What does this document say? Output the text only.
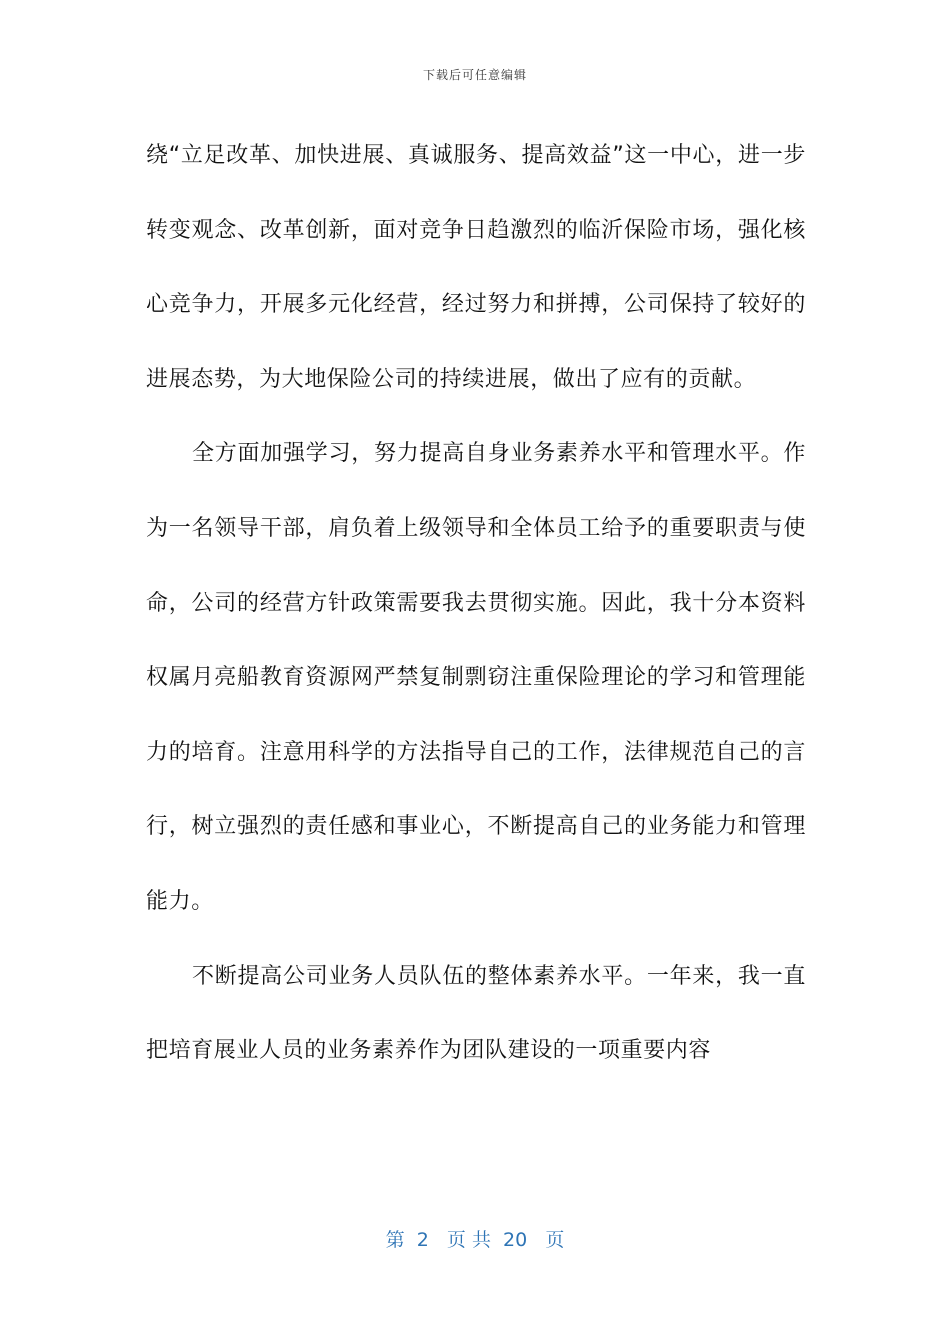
下载后可任意编辑

绕“立足改革、加快进展、真诚服务、提高效益”这一中心，进一步转变观念、改革创新，面对竞争日趋激烈的临沂保险市场，强化核心竞争力，开展多元化经营，经过努力和拼搏，公司保持了较好的进展态势，为大地保险公司的持续进展，做出了应有的贡献。

全方面加强学习，努力提高自身业务素养水平和管理水平。作为一名领导干部，肩负着上级领导和全体员工给予的重要职责与使命，公司的经营方针政策需要我去贯彻实施。因此，我十分本资料权属月亮船教育资源网严禁复制剽窃注重保险理论的学习和管理能力的培育。注意用科学的方法指导自己的工作，法律规范自己的言行，树立强烈的责任感和事业心，不断提高自己的业务能力和管理能力。

不断提高公司业务人员队伍的整体素养水平。一年来，我一直把培育展业人员的业务素养作为团队建设的一项重要内容

第  2   页 共  20   页
